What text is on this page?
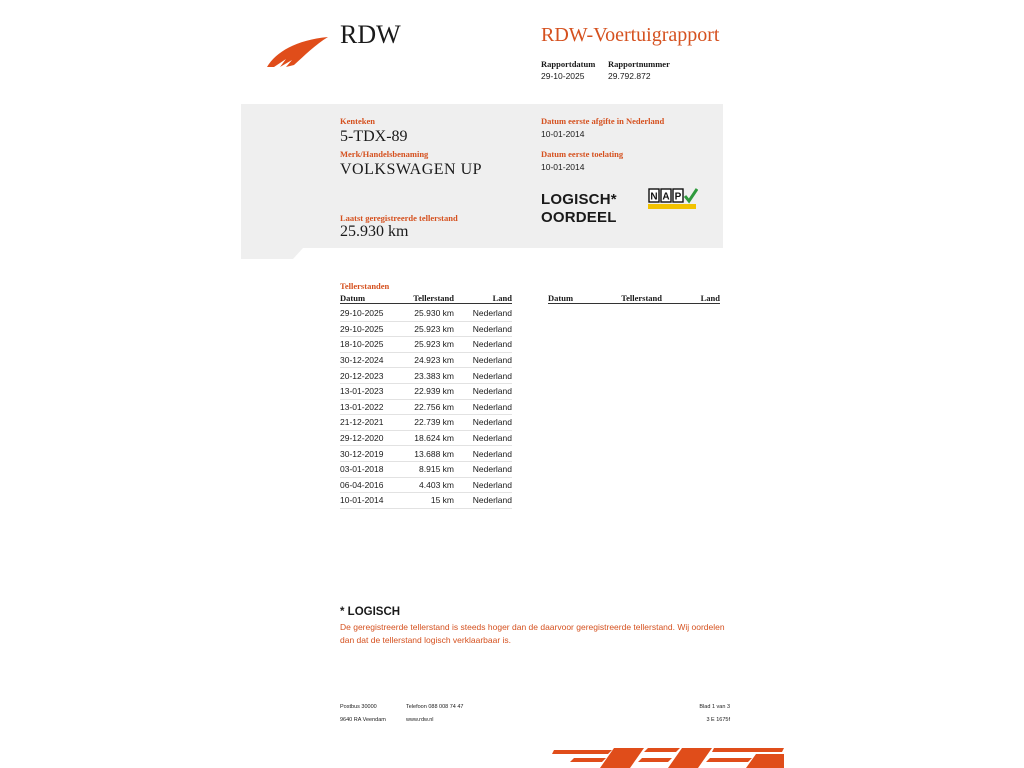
RDW	RDW-Voertuigrapport
Rapportdatum
29-10-2025
Rapportnummer
29.792.872
Kenteken
5-TDX-89
Merk/Handelsbenaming
VOLKSWAGEN UP
Laatst geregistreerde tellerstand
25.930 km
Datum eerste afgifte in Nederland
10-01-2014
Datum eerste toelating
10-01-2014
LOGISCH*
OORDEEL
N A P
Tellerstanden
Datum	Tellerstand	Land
29-10-2025	25.930 km	Nederland
29-10-2025	25.923 km	Nederland
18-10-2025	25.923 km	Nederland
30-12-2024	24.923 km	Nederland
20-12-2023	23.383 km	Nederland
13-01-2023	22.939 km	Nederland
13-01-2022	22.756 km	Nederland
21-12-2021	22.739 km	Nederland
29-12-2020	18.624 km	Nederland
30-12-2019	13.688 km	Nederland
03-01-2018	8.915 km	Nederland
06-04-2016	4.403 km	Nederland
10-01-2014	15 km	Nederland
Datum	Tellerstand	Land
* LOGISCH
De geregistreerde tellerstand is steeds hoger dan de daarvoor geregistreerde tellerstand. Wij oordelen dan dat de tellerstand logisch verklaarbaar is.
Postbus 30000
9640 RA Veendam
Telefoon 088 008 74 47
www.rdw.nl
Blad 1 van 3
3 E 1675f
